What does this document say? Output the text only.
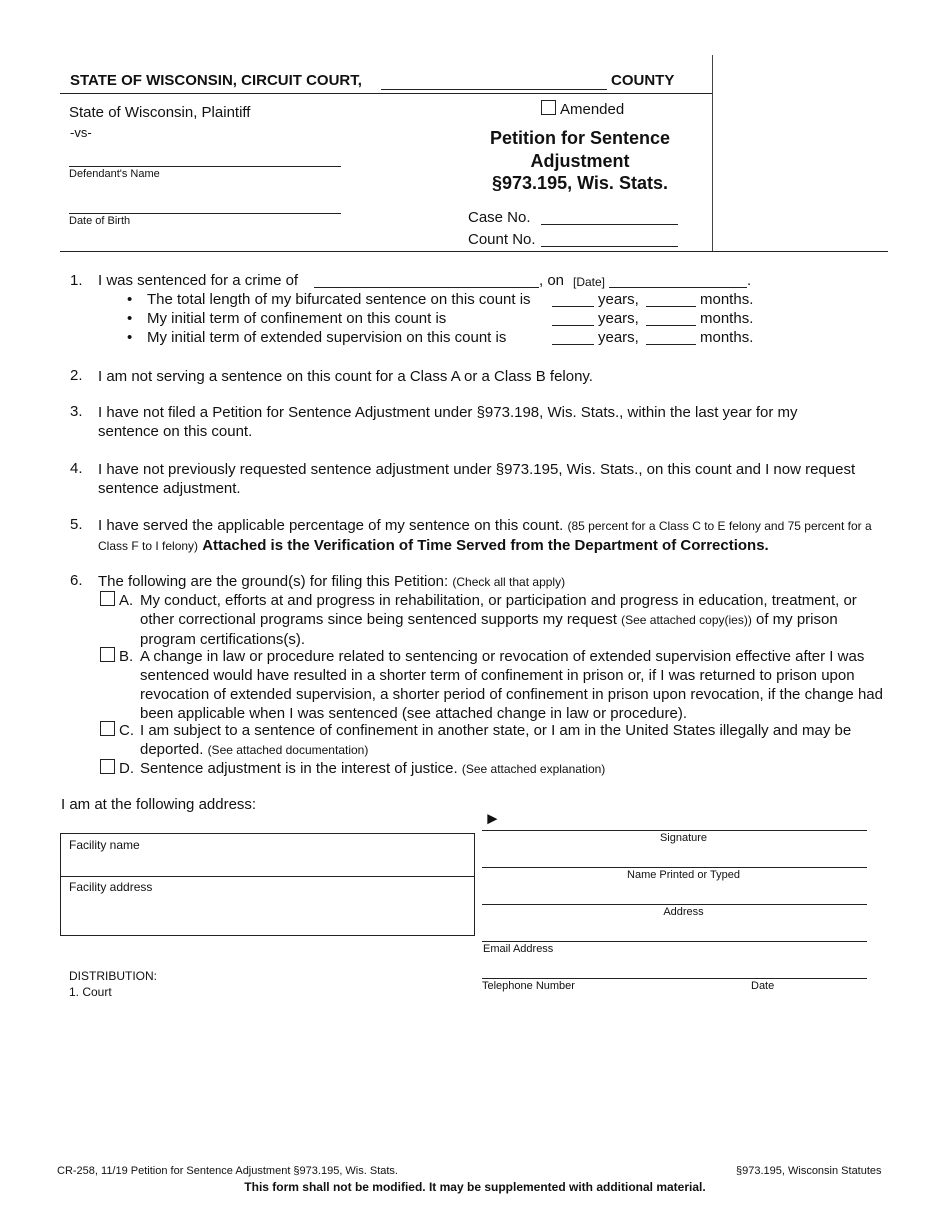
STATE OF WISCONSIN, CIRCUIT COURT,	COUNTY
State of Wisconsin, Plaintiff
-vs-
Defendant's Name
Date of Birth
Amended
Petition for Sentence
Adjustment
§973.195, Wis. Stats.
Case No.
Count No.
1. I was sentenced for a crime of	, on [Date]	.
• The total length of my bifurcated sentence on this count is	years,	months.
• My initial term of confinement on this count is	years,	months.
• My initial term of extended supervision on this count is	years,	months.
2. I am not serving a sentence on this count for a Class A or a Class B felony.
3. I have not filed a Petition for Sentence Adjustment under §973.198, Wis. Stats., within the last year for my sentence on this count.
4. I have not previously requested sentence adjustment under §973.195, Wis. Stats., on this count and I now request sentence adjustment.
5. I have served the applicable percentage of my sentence on this count. (85 percent for a Class C to E felony and 75 percent for a Class F to I felony) Attached is the Verification of Time Served from the Department of Corrections.
6. The following are the ground(s) for filing this Petition: (Check all that apply)
A. My conduct, efforts at and progress in rehabilitation, or participation and progress in education, treatment, or other correctional programs since being sentenced supports my request (See attached copy(ies)) of my prison program certifications(s).
B. A change in law or procedure related to sentencing or revocation of extended supervision effective after I was sentenced would have resulted in a shorter term of confinement in prison or, if I was returned to prison upon revocation of extended supervision, a shorter period of confinement in prison upon revocation, if the change had been applicable when I was sentenced (see attached change in law or procedure).
C. I am subject to a sentence of confinement in another state, or I am in the United States illegally and may be deported. (See attached documentation)
D. Sentence adjustment is in the interest of justice. (See attached explanation)
I am at the following address:
Facility name
Facility address
►
Signature
Name Printed or Typed
Address
Email Address
Telephone Number	Date
DISTRIBUTION:
1. Court
CR-258, 11/19 Petition for Sentence Adjustment §973.195, Wis. Stats.	§973.195, Wisconsin Statutes
This form shall not be modified. It may be supplemented with additional material.
